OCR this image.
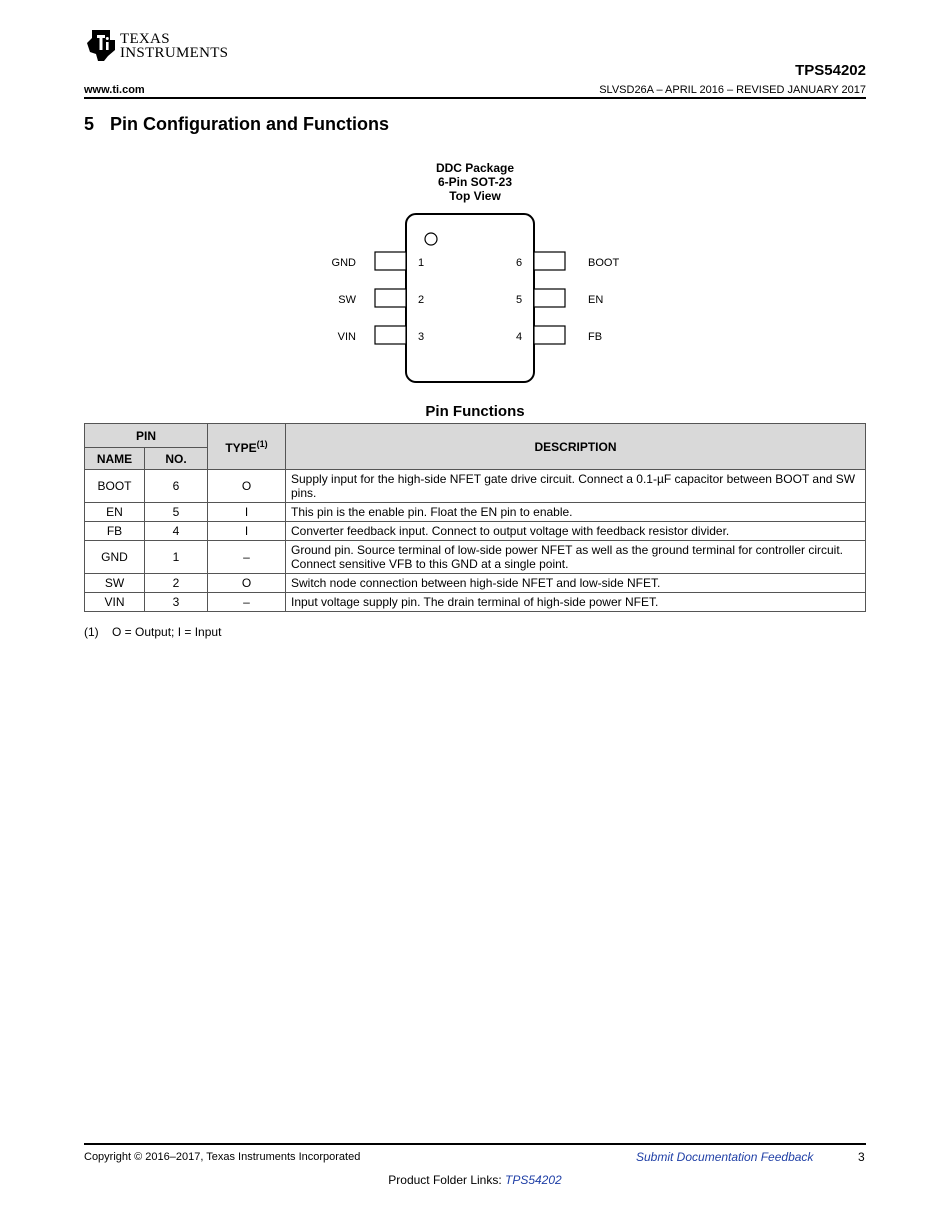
TEXAS
INSTRUMENTS
TPS54202
www.ti.com	SLVSD26A – APRIL 2016 – REVISED JANUARY 2017
5 Pin Configuration and Functions
DDC Package
6-Pin SOT-23
Top View
GND	1
SW	2
VIN	3
6	BOOT
5	EN
4	FB
Pin Functions
PIN		TYPE$^{(1)}$	DESCRIPTION
NAME	NO.		
BOOT	6	O	Supply input for the high-side NFET gate drive circuit. Connect a 0.1-µF capacitor between BOOT and SW pins.
EN	5	I	This pin is the enable pin. Float the EN pin to enable.
FB	4	I	Converter feedback input. Connect to output voltage with feedback resistor divider.
GND	1	–	Ground pin. Source terminal of low-side power NFET as well as the ground terminal for controller circuit. Connect sensitive VFB to this GND at a single point.
SW	2	O	Switch node connection between high-side NFET and low-side NFET.
VIN	3	–	Input voltage supply pin. The drain terminal of high-side power NFET.
(1) O = Output; I = Input
Copyright © 2016–2017, Texas Instruments Incorporated	Submit Documentation Feedback	3
Product Folder Links: TPS54202
